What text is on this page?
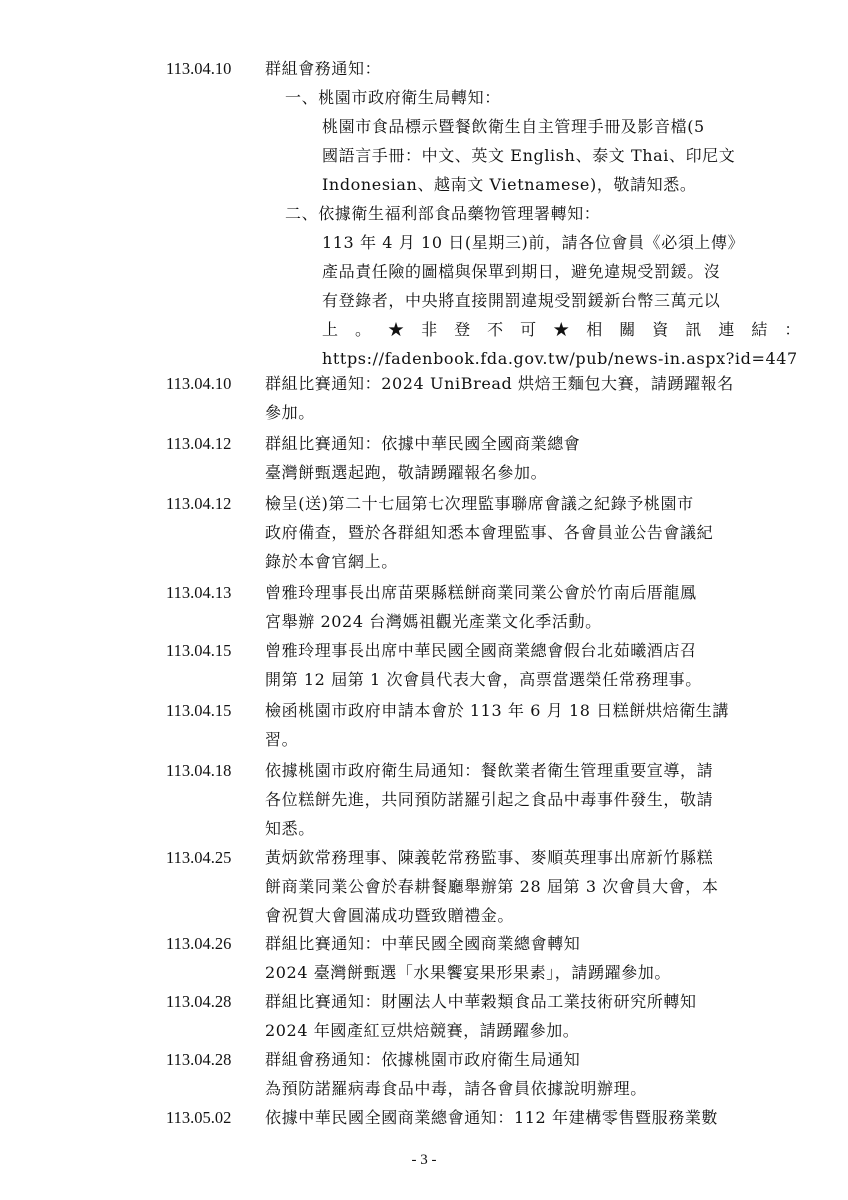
113.04.10	群組會務通知：
一、桃園市政府衛生局轉知：
桃園市食品標示暨餐飲衛生自主管理手冊及影音檔(5
國語言手冊：中文、英文 English、泰文 Thai、印尼文
Indonesian、越南文 Vietnamese)，敬請知悉。
二、依據衛生福利部食品藥物管理署轉知：
113 年 4 月 10 日(星期三)前，請各位會員《必須上傳》
產品責任險的圖檔與保單到期日，避免違規受罰鍰。沒
有登錄者，中央將直接開罰違規受罰鍰新台幣三萬元以
上 。 ★ 非 登 不 可 ★ 相 關 資 訊 連 結 ：
https://fadenbook.fda.gov.tw/pub/news-in.aspx?id=447
113.04.10	群組比賽通知：2024 UniBread 烘焙王麵包大賽，請踴躍報名
參加。
113.04.12	群組比賽通知：依據中華民國全國商業總會
臺灣餅甄選起跑，敬請踴躍報名參加。
113.04.12	檢呈(送)第二十七屆第七次理監事聯席會議之紀錄予桃園市
政府備查，暨於各群組知悉本會理監事、各會員並公告會議紀
錄於本會官網上。
113.04.13	曾雅玲理事長出席苗栗縣糕餅商業同業公會於竹南后厝龍鳳
宮舉辦 2024 台灣媽祖觀光產業文化季活動。
113.04.15	曾雅玲理事長出席中華民國全國商業總會假台北茹曦酒店召
開第 12 屆第 1 次會員代表大會，高票當選榮任常務理事。
113.04.15	檢函桃園市政府申請本會於 113 年 6 月 18 日糕餅烘焙衛生講
習。
113.04.18	依據桃園市政府衛生局通知：餐飲業者衛生管理重要宣導，請
各位糕餅先進，共同預防諾羅引起之食品中毒事件發生，敬請
知悉。
113.04.25	黃炳欽常務理事、陳義乾常務監事、麥順英理事出席新竹縣糕
餅商業同業公會於春耕餐廳舉辦第 28 屆第 3 次會員大會，本
會祝賀大會圓滿成功暨致贈禮金。
113.04.26	群組比賽通知：中華民國全國商業總會轉知
2024 臺灣餅甄選「水果饗宴果形果素」，請踴躍參加。
113.04.28	群組比賽通知：財團法人中華穀類食品工業技術研究所轉知
2024 年國產紅豆烘焙競賽，請踴躍參加。
113.04.28	群組會務通知：依據桃園市政府衛生局通知
為預防諾羅病毒食品中毒，請各會員依據說明辦理。
113.05.02	依據中華民國全國商業總會通知：112 年建構零售暨服務業數
- 3 -
